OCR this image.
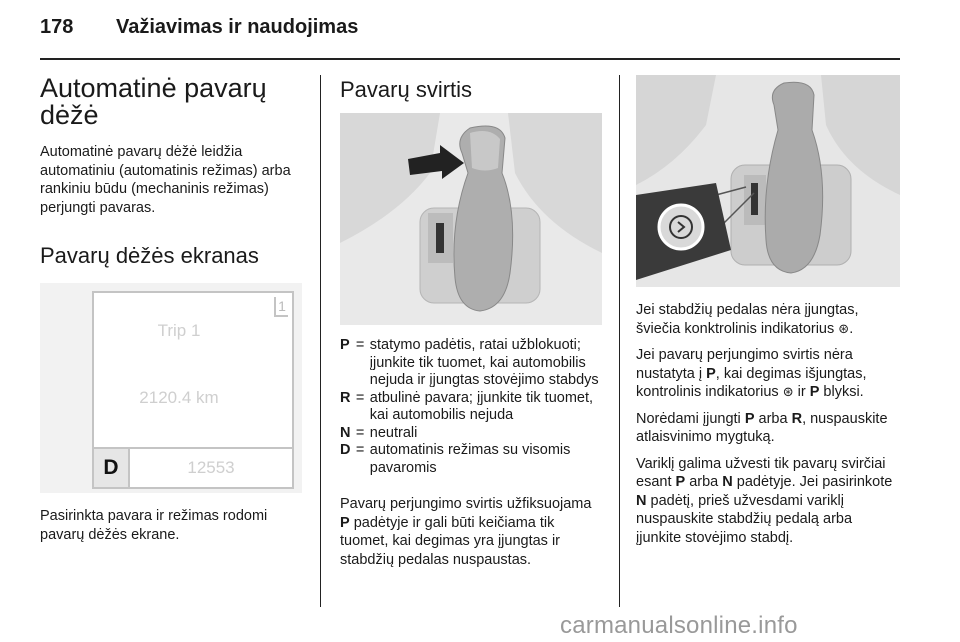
178 Važiavimas ir naudojimas
Automatinė pavarų dėžė

Automatinė pavarų dėžė leidžia automatiniu (automatinis režimas) arba rankiniu būdu (mechaninis režimas) perjungti pavaras.

Pavarų dėžės ekranas
1
Trip 1
2120.4 km
D	12553

Pasirinkta pavara ir režimas rodomi pavarų dėžės ekrane.

Pavarų svirtis
P = statymo padėtis, ratai užblokuoti; įjunkite tik tuomet, kai automobilis nejuda ir įjungtas stovėjimo stabdys
R = atbulinė pavara; įjunkite tik tuomet, kai automobilis nejuda
N = neutrali
D = automatinis režimas su visomis pavaromis

Pavarų perjungimo svirtis užfiksuojama P padėtyje ir gali būti keičiama tik tuomet, kai degimas yra įjungtas ir stabdžių pedalas nuspaustas.

Jei stabdžių pedalas nėra įjungtas, šviečia konktrolinis indikatorius ⊛.

Jei pavarų perjungimo svirtis nėra nustatyta į P, kai degimas išjungtas, kontrolinis indikatorius ⊛ ir P blyksi.

Norėdami įjungti P arba R, nuspauskite atlaisvinimo mygtuką.

Variklį galima užvesti tik pavarų svirčiai esant P arba N padėtyje. Jei pasirinkote N padėtį, prieš užvesdami variklį nuspauskite stabdžių pedalą arba įjunkite stovėjimo stabdį.

carmanualsonline.info
